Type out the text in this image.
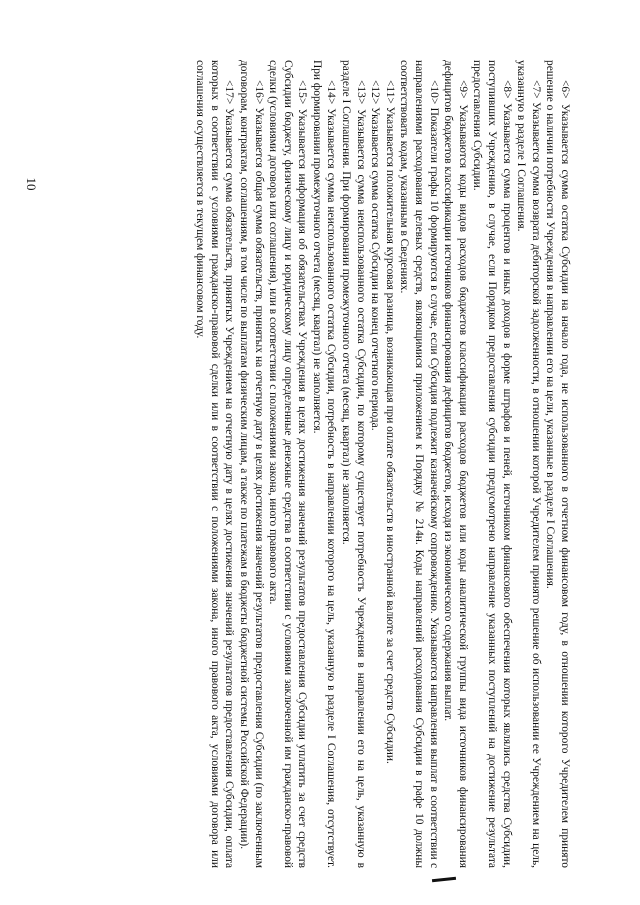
10	<6> Указывается сумма остатка Субсидии на начало года, не использованного в отчетном финансовом году, в отношении которого Учредителем принято решение о наличии потребности Учреждения в направлении его на цели, указанные в разделе I Соглашения.

<7> Указывается сумма возврата дебиторской задолженности, в отношении которой Учредителем принято решение об использовании ее Учреждением на цель, указанную в разделе I Соглашения.

<8> Указывается сумма процентов и иных доходов в форме штрафов и пеней, источником финансового обеспечения которых являлись средства Субсидии, поступивших Учреждению, в случае, если Порядком предоставления субсидии предусмотрено направление указанных поступлений на достижение результата предоставления Субсидии.

<9> Указываются коды видов расходов бюджетов классификации расходов бюджетов или коды аналитической группы вида источников финансирования дефицитов бюджетов классификации источников финансирования дефицитов бюджетов, исходя из экономического содержания выплат.

<10> Показатели графы 10 формируются в случае, если Субсидия подлежит казначейскому сопровождению. Указываются направления выплат в соответствии с направлениями расходования целевых средств, являющимися приложением к Порядку № 214н. Коды направлений расходования Субсидии в графе 10 должны соответствовать кодам, указанным в Сведениях.

<11> Указывается положительная курсовая разница, возникающая при оплате обязательств в иностранной валюте за счет средств Субсидии.

<12> Указывается сумма остатка Субсидии на конец отчетного периода.

<13> Указывается сумма неиспользованного остатка Субсидии, по которому существует потребность Учреждения в направлении его на цель, указанную в разделе I Соглашения. При формировании промежуточного отчета (месяц, квартал) не заполняется.

<14> Указывается сумма неиспользованного остатка Субсидии, потребность в направлении которого на цель, указанную в разделе I Соглашения, отсутствует. При формировании промежуточного отчета (месяц, квартал) не заполняется.

<15> Указывается информация об обязательствах Учреждения в целях достижения значений результатов предоставления Субсидии уплатить за счет средств Субсидии бюджету, физическому лицу и юридическому лицу определенные денежные средства в соответствии с условиями заключенной им гражданско-правовой сделки (условиями договора или соглашения), или в соответствии с положениями закона, иного правового акта.

<16> Указывается общая сумма обязательств, принятых на отчетную дату в целях достижения значений результатов предоставления Субсидии (по заключенным договорам, контрактам, соглашениям, в том числе по выплатам физическим лицам, а также по платежам в бюджеты бюджетной системы Российской Федерации).

<17> Указывается сумма обязательств, принятых Учреждением на отчетную дату в целях достижения значений результатов предоставления Субсидии, оплата которых в соответствии с условиями гражданско-правовой сделки или в соответствии с положениями закона, иного правового акта, условиями договора или соглашения осуществляется в текущем финансовом году.
